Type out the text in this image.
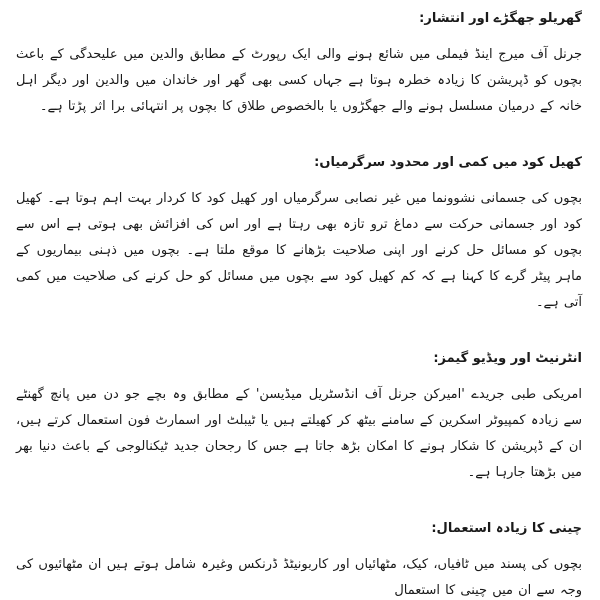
گھریلو جھگڑے اور انتشار:

جرنل آف میرج اینڈ فیملی میں شائع ہونے والی ایک رپورٹ کے مطابق والدین میں علیحدگی کے باعث بچوں کو ڈپریشن کا زیادہ خطرہ ہوتا ہے جہاں کسی بھی گھر اور خاندان میں والدین اور دیگر اہل خانہ کے درمیان مسلسل ہونے والے جھگڑوں یا بالخصوص طلاق کا بچوں پر انتہائی برا اثر پڑتا ہے۔

کھیل کود میں کمی اور محدود سرگرمیاں:

بچوں کی جسمانی نشوونما میں غیر نصابی سرگرمیاں اور کھیل کود کا کردار بہت اہم ہوتا ہے۔ کھیل کود اور جسمانی حرکت سے دماغ ترو تازہ بھی رہتا ہے اور اس کی افزائش بھی ہوتی ہے اس سے بچوں کو مسائل حل کرنے اور اپنی صلاحیت بڑھانے کا موقع ملتا ہے۔ بچوں میں ذہنی بیماریوں کے ماہر پیٹر گرے کا کہنا ہے کہ کم کھیل کود سے بچوں میں مسائل کو حل کرنے کی صلاحیت میں کمی آتی ہے۔

انٹرنیٹ اور ویڈیو گیمز:

امریکی طبی جریدے 'امیرکن جرنل آف انڈسٹریل میڈیسن' کے مطابق وہ بچے جو دن میں پانچ گھنٹے سے زیادہ کمپیوٹر اسکرین کے سامنے بیٹھ کر کھیلتے ہیں یا ٹیبلٹ اور اسمارٹ فون استعمال کرتے ہیں، ان کے ڈپریشن کا شکار ہونے کا امکان بڑھ جاتا ہے جس کا رجحان جدید ٹیکنالوجی کے باعث دنیا بھر میں بڑھتا جارہا ہے۔

چینی کا زیادہ استعمال:

بچوں کی پسند میں ٹافیاں، کیک، مٹھائیاں اور کاربونیٹڈ ڈرنکس وغیرہ شامل ہوتے ہیں ان مٹھائیوں کی وجہ سے ان میں چینی کا استعمال
